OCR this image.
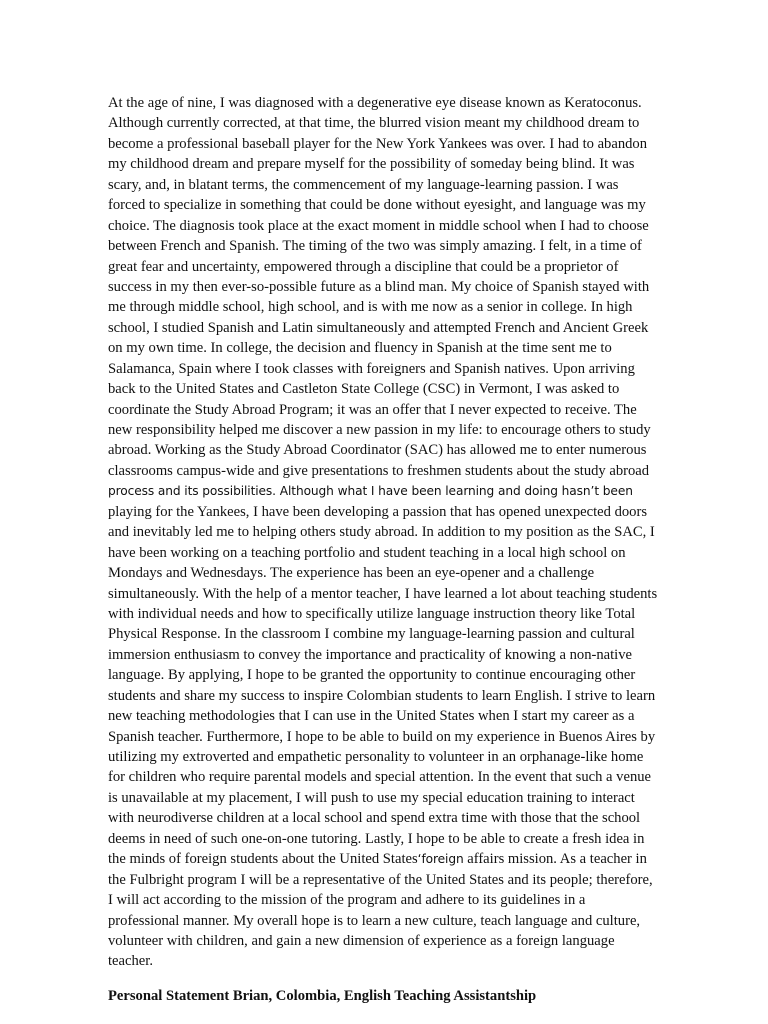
At the age of nine, I was diagnosed with a degenerative eye disease known as Keratoconus.
Although currently corrected, at that time, the blurred vision meant my childhood dream to
become a professional baseball player for the New York Yankees was over. I had to abandon
my childhood dream and prepare myself for the possibility of someday being blind. It was
scary, and, in blatant terms, the commencement of my language-learning passion. I was
forced to specialize in something that could be done without eyesight, and language was my
choice. The diagnosis took place at the exact moment in middle school when I had to choose
between French and Spanish. The timing of the two was simply amazing. I felt, in a time of
great fear and uncertainty, empowered through a discipline that could be a proprietor of
success in my then ever-so-possible future as a blind man. My choice of Spanish stayed with
me through middle school, high school, and is with me now as a senior in college. In high
school, I studied Spanish and Latin simultaneously and attempted French and Ancient Greek
on my own time. In college, the decision and fluency in Spanish at the time sent me to
Salamanca, Spain where I took classes with foreigners and Spanish natives. Upon arriving
back to the United States and Castleton State College (CSC) in Vermont, I was asked to
coordinate the Study Abroad Program; it was an offer that I never expected to receive. The
new responsibility helped me discover a new passion in my life: to encourage others to study
abroad. Working as the Study Abroad Coordinator (SAC) has allowed me to enter numerous
classrooms campus-wide and give presentations to freshmen students about the study abroad
process and its possibilities. Although what I have been learning and doing hasn’t been
playing for the Yankees, I have been developing a passion that has opened unexpected doors
and inevitably led me to helping others study abroad. In addition to my position as the SAC, I
have been working on a teaching portfolio and student teaching in a local high school on
Mondays and Wednesdays. The experience has been an eye-opener and a challenge
simultaneously. With the help of a mentor teacher, I have learned a lot about teaching students
with individual needs and how to specifically utilize language instruction theory like Total
Physical Response. In the classroom I combine my language-learning passion and cultural
immersion enthusiasm to convey the importance and practicality of knowing a non-native
language. By applying, I hope to be granted the opportunity to continue encouraging other
students and share my success to inspire Colombian students to learn English. I strive to learn
new teaching methodologies that I can use in the United States when I start my career as a
Spanish teacher. Furthermore, I hope to be able to build on my experience in Buenos Aires by
utilizing my extroverted and empathetic personality to volunteer in an orphanage-like home
for children who require parental models and special attention. In the event that such a venue
is unavailable at my placement, I will push to use my special education training to interact
with neurodiverse children at a local school and spend extra time with those that the school
deems in need of such one-on-one tutoring. Lastly, I hope to be able to create a fresh idea in
the minds of foreign students about the United States‘foreign affairs mission. As a teacher in
the Fulbright program I will be a representative of the United States and its people; therefore,
I will act according to the mission of the program and adhere to its guidelines in a
professional manner. My overall hope is to learn a new culture, teach language and culture,
volunteer with children, and gain a new dimension of experience as a foreign language
teacher.

Personal Statement Brian, Colombia, English Teaching Assistantship
